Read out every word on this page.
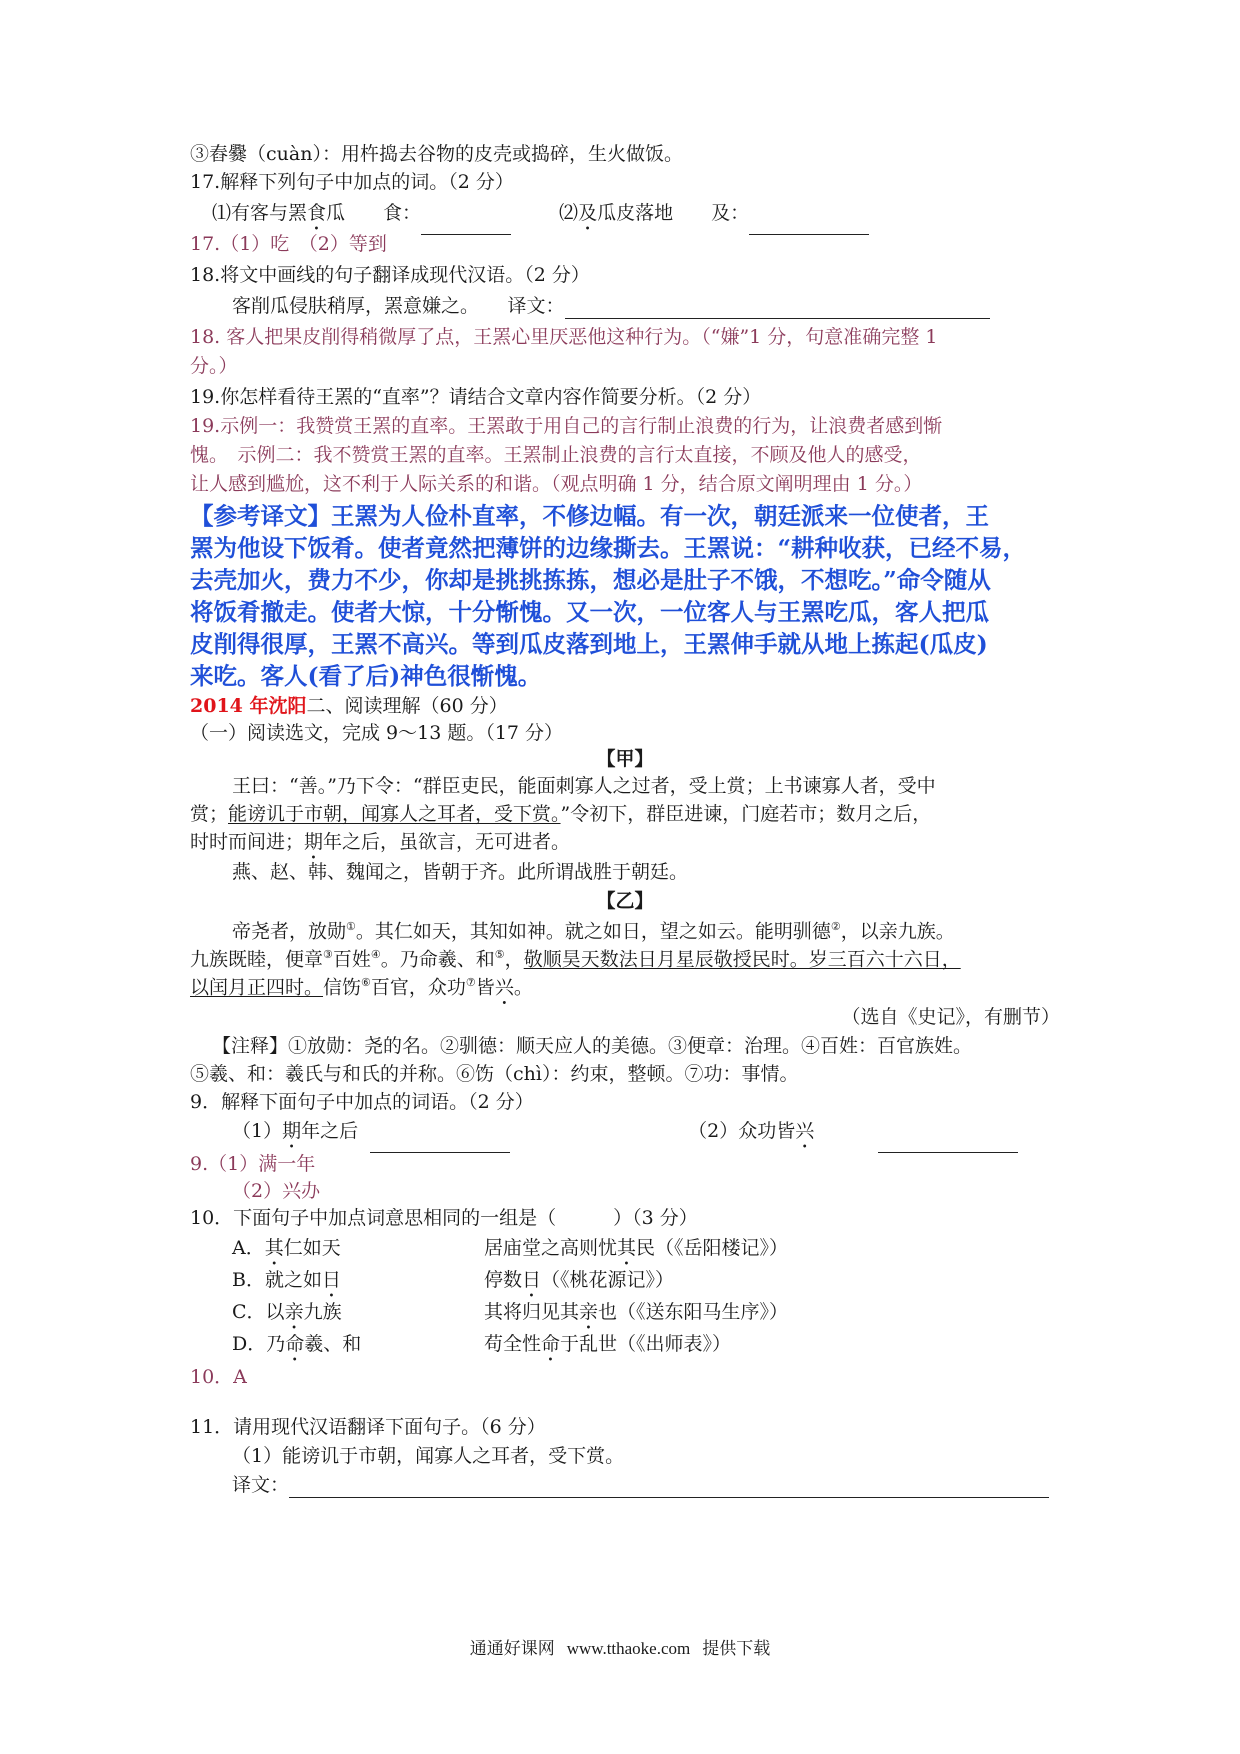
③舂爨（cuàn）：用杵捣去谷物的皮壳或捣碎，生火做饭。
17.解释下列句子中加点的词。（2 分）
⑴有客与罴食瓜　　食：	⑵及瓜皮落地　　及：
17.（1）吃　（2）等到
18.将文中画线的句子翻译成现代汉语。（2 分）
客削瓜侵肤稍厚，罴意嫌之。　　译文：
18. 客人把果皮削得稍微厚了点，王罴心里厌恶他这种行为。（“嫌”1 分，句意准确完整 1
分。）
19.你怎样看待王罴的“直率”？请结合文章内容作简要分析。（2 分）
19.示例一：我赞赏王罴的直率。王罴敢于用自己的言行制止浪费的行为，让浪费者感到惭
愧。　示例二：我不赞赏王罴的直率。王罴制止浪费的言行太直接，不顾及他人的感受，
让人感到尴尬，这不利于人际关系的和谐。（观点明确 1 分，结合原文阐明理由 1 分。）
【参考译文】王罴为人俭朴直率，不修边幅。有一次，朝廷派来一位使者，王
罴为他设下饭肴。使者竟然把薄饼的边缘撕去。王罴说：“耕种收获，已经不易，
去壳加火，费力不少，你却是挑挑拣拣，想必是肚子不饿，不想吃。”命令随从
将饭肴撤走。使者大惊，十分惭愧。又一次，一位客人与王罴吃瓜，客人把瓜
皮削得很厚，王罴不高兴。等到瓜皮落到地上，王罴伸手就从地上拣起(瓜皮)
来吃。客人(看了后)神色很惭愧。
2014 年沈阳二、阅读理解（60 分）
（一）阅读选文，完成 9～13 题。（17 分）
【甲】
王曰：“善。”乃下令：“群臣吏民，能面刺寡人之过者，受上赏；上书谏寡人者，受中
赏；能谤讥于市朝，闻寡人之耳者，受下赏。”令初下，群臣进谏，门庭若市；数月之后，
时时而间进；期年之后，虽欲言，无可进者。
燕、赵、韩、魏闻之，皆朝于齐。此所谓战胜于朝廷。
【乙】
帝尧者，放勋①。其仁如天，其知如神。就之如日，望之如云。能明驯德②，以亲九族。
九族既睦，便章③百姓④。乃命羲、和⑤，敬顺昊天数法日月星辰敬授民时。岁三百六十六日，
以闰月正四时。信饬⑥百官，众功⑦皆兴。
（选自《史记》，有删节）
【注释】①放勋：尧的名。②驯德：顺天应人的美德。③便章：治理。④百姓：百官族姓。
⑤羲、和：羲氏与和氏的并称。⑥饬（chì）：约束，整顿。⑦功：事情。
9．解释下面句子中加点的词语。（2 分）
（1）期年之后	（2）众功皆兴
9.（1）满一年
（2）兴办
10．下面句子中加点词意思相同的一组是（　　　）（3 分）
A．其仁如天	居庙堂之高则忧其民（《岳阳楼记》）
B．就之如日	停数日（《桃花源记》）
C．以亲九族	其将归见其亲也（《送东阳马生序》）
D．乃命羲、和	苟全性命于乱世（《出师表》）
10．A
11．请用现代汉语翻译下面句子。（6 分）
（1）能谤讥于市朝，闻寡人之耳者，受下赏。
译文：
通通好课网 www.tthaoke.com 提供下载
